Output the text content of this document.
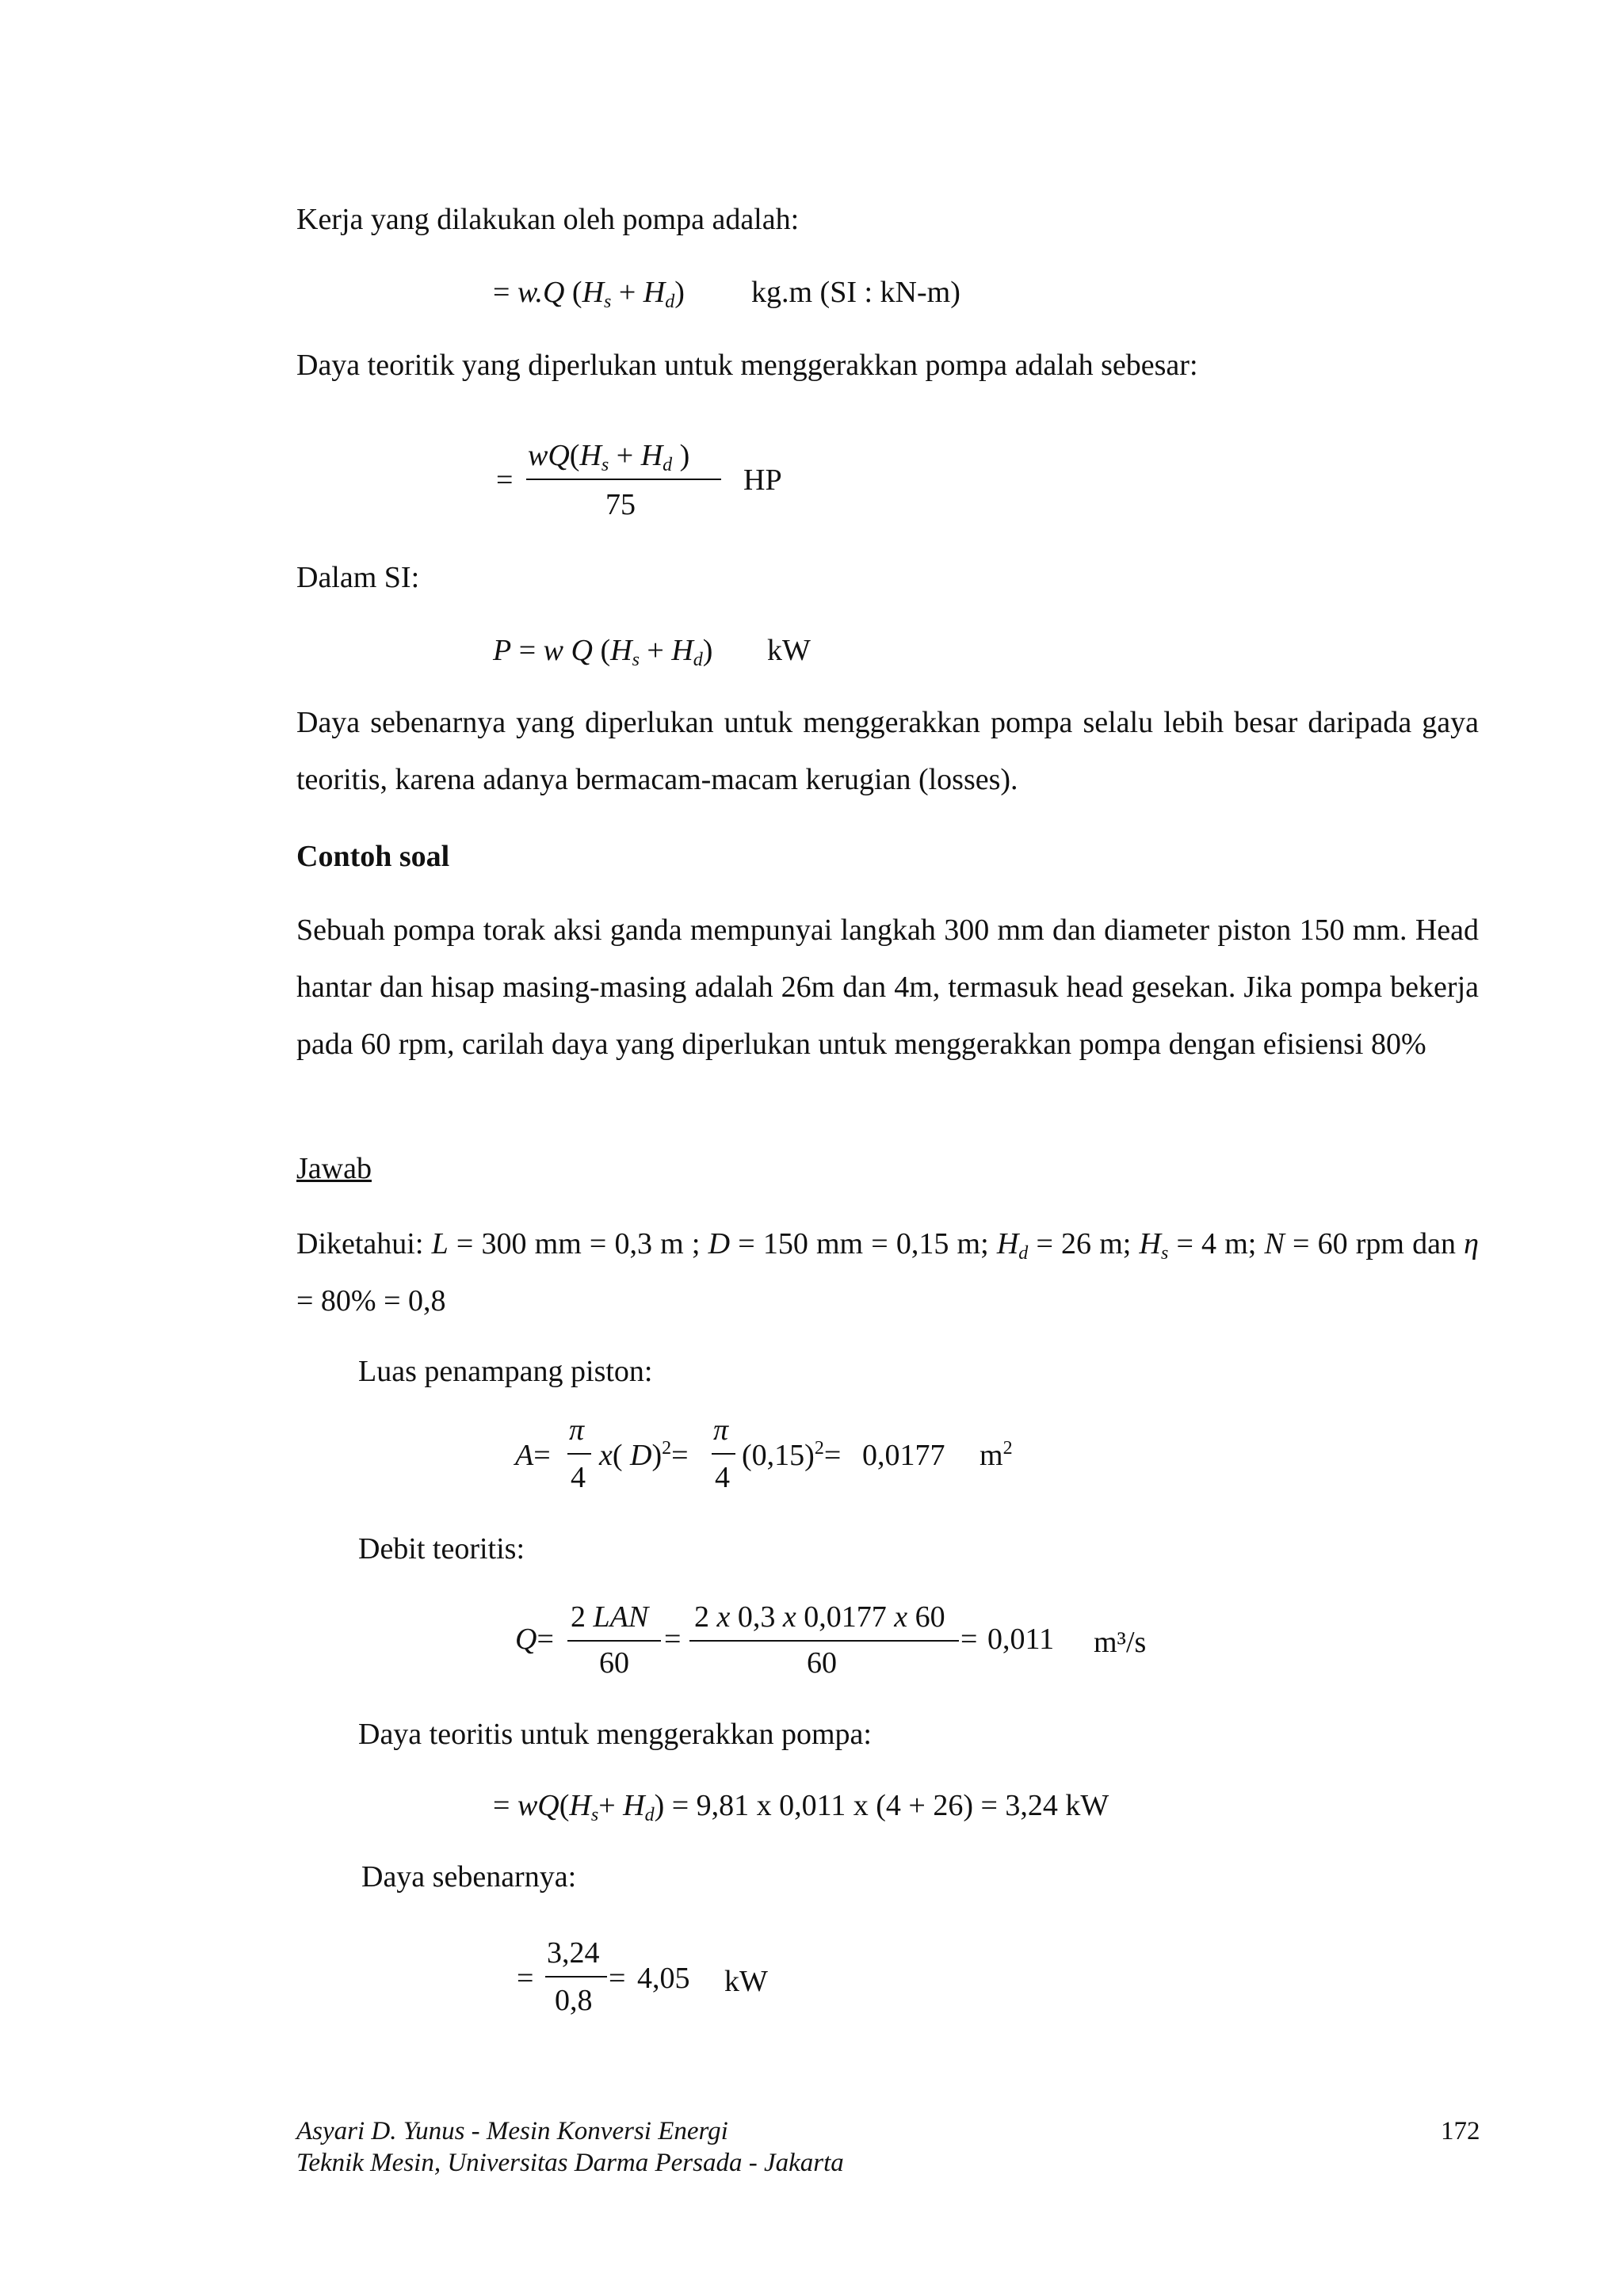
Kerja yang dilakukan oleh pompa adalah:
= w.Q $(H_s + H_d)$ kg.m (SI : kN-m)
Daya teoritik yang diperlukan untuk menggerakkan pompa adalah sebesar:
=
$wQ(H_s + H_d$ )
75
HP
Dalam SI:
P = w Q $(H_s + H_d)$ kW
Daya sebenarnya yang diperlukan untuk menggerakkan pompa selalu lebih besar daripada gaya teoritis, karena adanya bermacam-macam kerugian (losses).
Contoh soal
Sebuah pompa torak aksi ganda mempunyai langkah 300 mm dan diameter piston 150 mm. Head hantar dan hisap masing-masing adalah 26m dan 4m, termasuk head gesekan. Jika pompa bekerja pada 60 rpm, carilah daya yang diperlukan untuk menggerakkan pompa dengan efisiensi 80%
Jawab
Diketahui: L = 300 mm = 0,3 m ; D = 150 mm = 0,15 m; $H_d = 26$ m; $H_s = 4$ m; N = 60 rpm dan η = 80% = 0,8
Luas penampang piston:
A=
π
4
x( D)$^2$=
π
4
$(0,15)^2= 0,0177$ $m^2$
Debit teoritis:
Q=
2 LAN
60
=
2 x 0,3 x 0,0177 x 60
60
= 0,011 m³/s
Daya teoritis untuk menggerakkan pompa:
= $wQ(H_s+ H_d) = 9,81$ x 0,011 x (4 + 26) = 3,24 kW
Daya sebenarnya:
=
3,24
0,8
= 4,05 kW
Asyari D. Yunus - Mesin Konversi Energi
Teknik Mesin, Universitas Darma Persada - Jakarta
172
